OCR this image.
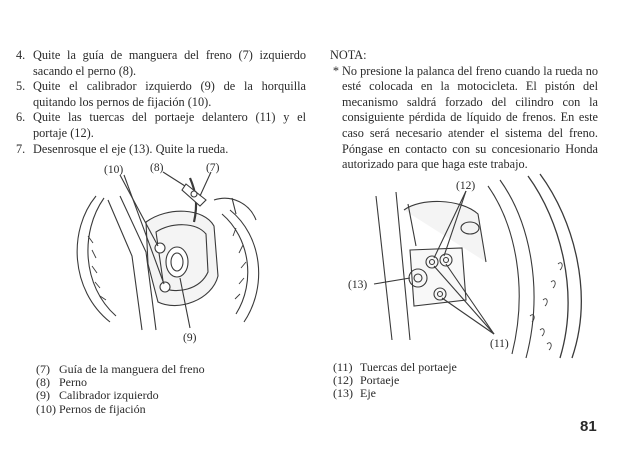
4. Quite la guía de manguera del freno (7) izquierdo sacando el perno (8).
5. Quite el calibrador izquierdo (9) de la horquilla quitando los pernos de fijación (10).
6. Quite las tuercas del portaeje delantero (11) y el portaje (12).
7. Desenrosque el eje (13). Quite la rueda.
NOTA:
* No presione la palanca del freno cuando la rueda no esté colocada en la motocicleta. El pistón del mecanismo saldrá forzado del cilindro con la consiguiente pérdida de líquido de frenos. En este caso será necesario atender el sistema del freno. Póngase en contacto con su concesionario Honda autorizado para que haga este trabajo.
(10) (8)	(7)
(9)
(12)
(13)
(11)
(7) Guía de la manguera del freno
(8) Perno
(9) Calibrador izquierdo
(10) Pernos de fijación
(11) Tuercas del portaeje
(12) Portaeje
(13) Eje
81
